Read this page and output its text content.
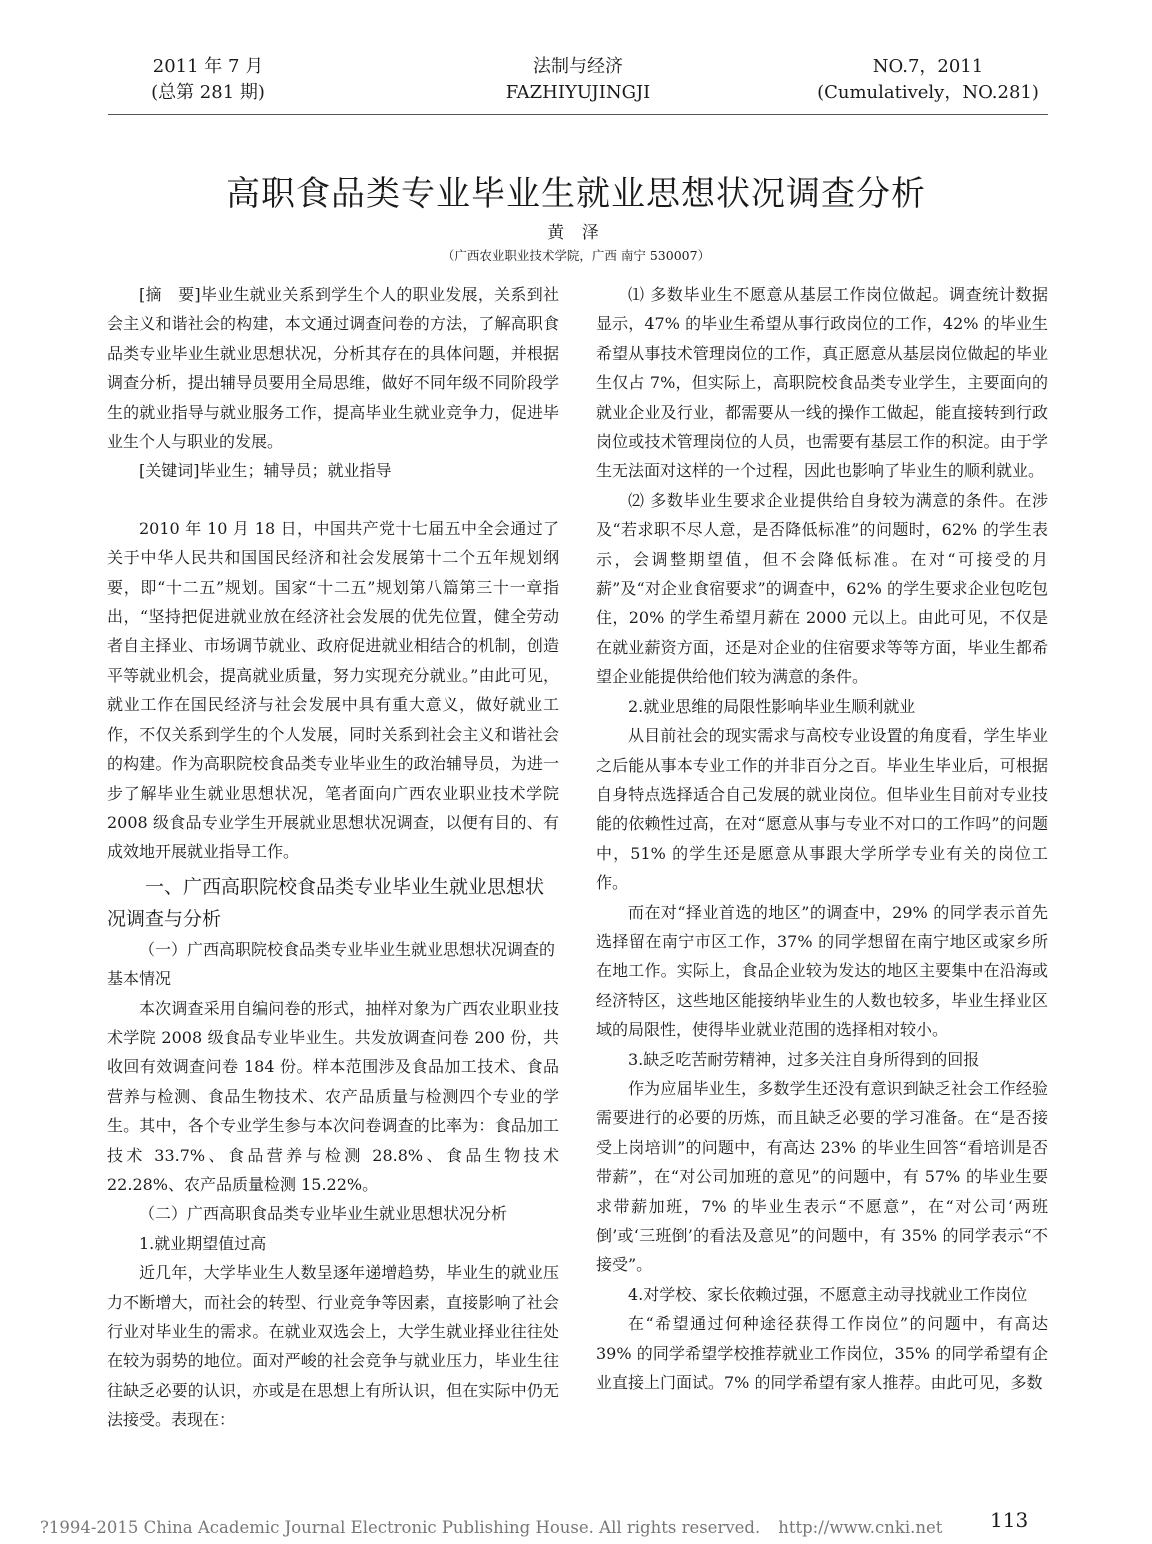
2011 年 7 月
(总第 281 期)
法制与经济
FAZHIYUJINGJI
NO.7，2011
(Cumulatively，NO.281)
高职食品类专业毕业生就业思想状况调查分析
黄 泽
（广西农业职业技术学院，广西 南宁 530007）

[摘　要]毕业生就业关系到学生个人的职业发展，关系到社会主义和谐社会的构建，本文通过调查问卷的方法，了解高职食品类专业毕业生就业思想状况，分析其存在的具体问题，并根据调查分析，提出辅导员要用全局思维，做好不同年级不同阶段学生的就业指导与就业服务工作，提高毕业生就业竞争力，促进毕业生个人与职业的发展。

[关键词]毕业生；辅导员；就业指导

2010 年 10 月 18 日，中国共产党十七届五中全会通过了关于中华人民共和国国民经济和社会发展第十二个五年规划纲要，即“十二五”规划。国家“十二五”规划第八篇第三十一章指出，“坚持把促进就业放在经济社会发展的优先位置，健全劳动者自主择业、市场调节就业、政府促进就业相结合的机制，创造平等就业机会，提高就业质量，努力实现充分就业。”由此可见，就业工作在国民经济与社会发展中具有重大意义，做好就业工作，不仅关系到学生的个人发展，同时关系到社会主义和谐社会的构建。作为高职院校食品类专业毕业生的政治辅导员，为进一步了解毕业生就业思想状况，笔者面向广西农业职业技术学院 2008 级食品专业学生开展就业思想状况调查，以便有目的、有成效地开展就业指导工作。

一、广西高职院校食品类专业毕业生就业思想状况调查与分析

（一）广西高职院校食品类专业毕业生就业思想状况调查的基本情况

本次调查采用自编问卷的形式，抽样对象为广西农业职业技术学院 2008 级食品专业毕业生。共发放调查问卷 200 份，共收回有效调查问卷 184 份。样本范围涉及食品加工技术、食品营养与检测、食品生物技术、农产品质量与检测四个专业的学生。其中，各个专业学生参与本次问卷调查的比率为：食品加工技术 33.7%、食品营养与检测 28.8%、食品生物技术 22.28%、农产品质量检测 15.22%。

（二）广西高职食品类专业毕业生就业思想状况分析

1.就业期望值过高

近几年，大学毕业生人数呈逐年递增趋势，毕业生的就业压力不断增大，而社会的转型、行业竞争等因素，直接影响了社会行业对毕业生的需求。在就业双选会上，大学生就业择业往往处在较为弱势的地位。面对严峻的社会竞争与就业压力，毕业生往往缺乏必要的认识，亦或是在思想上有所认识，但在实际中仍无法接受。表现在：

⑴ 多数毕业生不愿意从基层工作岗位做起。调查统计数据显示，47% 的毕业生希望从事行政岗位的工作，42% 的毕业生希望从事技术管理岗位的工作，真正愿意从基层岗位做起的毕业生仅占 7%，但实际上，高职院校食品类专业学生，主要面向的就业企业及行业，都需要从一线的操作工做起，能直接转到行政岗位或技术管理岗位的人员，也需要有基层工作的积淀。由于学生无法面对这样的一个过程，因此也影响了毕业生的顺利就业。

⑵ 多数毕业生要求企业提供给自身较为满意的条件。在涉及“若求职不尽人意，是否降低标准”的问题时，62% 的学生表示，会调整期望值，但不会降低标准。在对“可接受的月薪”及“对企业食宿要求”的调查中，62% 的学生要求企业包吃包住，20% 的学生希望月薪在 2000 元以上。由此可见，不仅是在就业薪资方面，还是对企业的住宿要求等等方面，毕业生都希望企业能提供给他们较为满意的条件。

2.就业思维的局限性影响毕业生顺利就业

从目前社会的现实需求与高校专业设置的角度看，学生毕业之后能从事本专业工作的并非百分之百。毕业生毕业后，可根据自身特点选择适合自己发展的就业岗位。但毕业生目前对专业技能的依赖性过高，在对“愿意从事与专业不对口的工作吗”的问题中，51% 的学生还是愿意从事跟大学所学专业有关的岗位工作。

而在对“择业首选的地区”的调查中，29% 的同学表示首先选择留在南宁市区工作，37% 的同学想留在南宁地区或家乡所在地工作。实际上，食品企业较为发达的地区主要集中在沿海或经济特区，这些地区能接纳毕业生的人数也较多，毕业生择业区域的局限性，使得毕业就业范围的选择相对较小。

3.缺乏吃苦耐劳精神，过多关注自身所得到的回报

作为应届毕业生，多数学生还没有意识到缺乏社会工作经验需要进行的必要的历炼，而且缺乏必要的学习准备。在“是否接受上岗培训”的问题中，有高达 23% 的毕业生回答“看培训是否带薪”，在“对公司加班的意见”的问题中，有 57% 的毕业生要求带薪加班，7% 的毕业生表示“不愿意”，在“对公司‘两班倒’或‘三班倒’的看法及意见”的问题中，有 35% 的同学表示“不接受”。

4.对学校、家长依赖过强，不愿意主动寻找就业工作岗位

在“希望通过何种途径获得工作岗位”的问题中，有高达 39% 的同学希望学校推荐就业工作岗位，35% 的同学希望有企业直接上门面试。7% 的同学希望有家人推荐。由此可见，多数

113
?1994-2015 China Academic Journal Electronic Publishing House. All rights reserved. http://www.cnki.net
